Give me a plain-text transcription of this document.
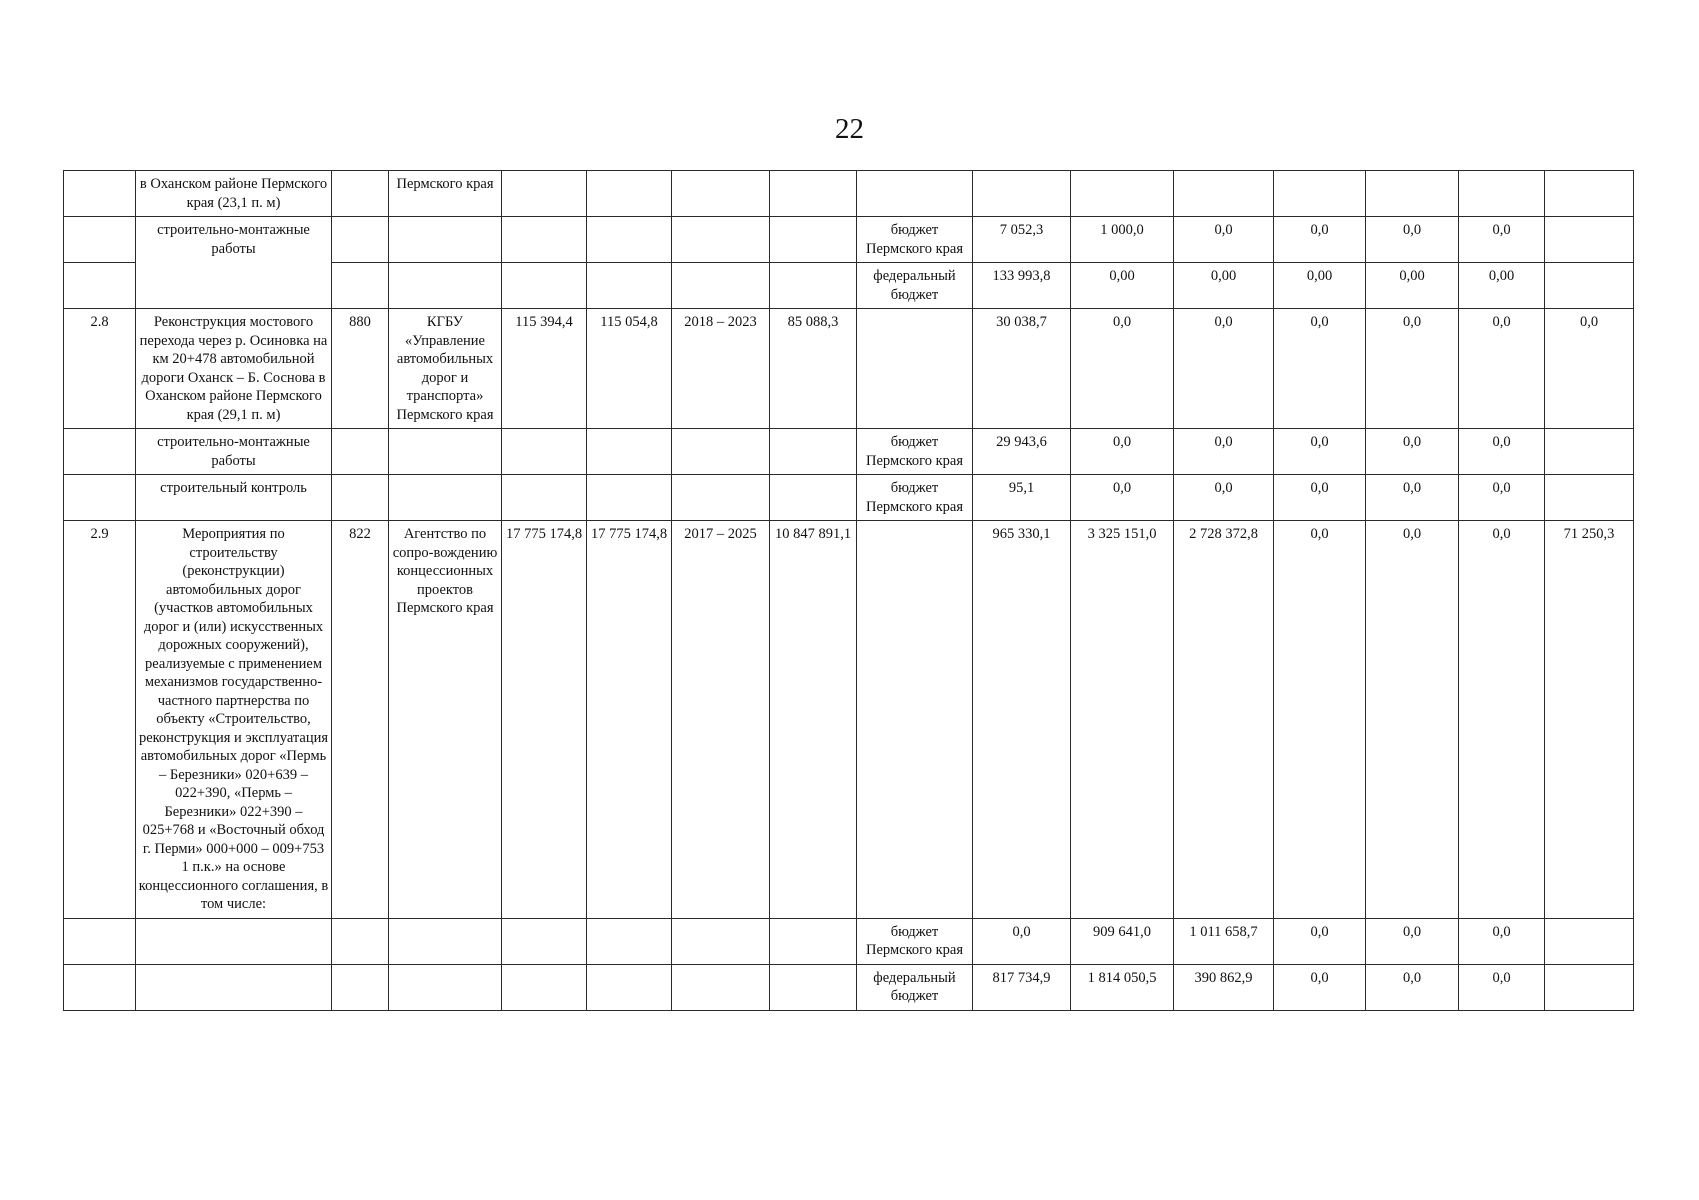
22
	в Оханском районе Пермского края (23,1 п. м)		Пермского края													
	строительно-монтажные работы							бюджет Пермского края	7 052,3	1 000,0	0,0	0,0	0,0	0,0		
								федеральный бюджет	133 993,8	0,00	0,00	0,00	0,00	0,00		
2.8	Реконструкция мостового перехода через р. Осиновка на км 20+478 автомобильной дороги Оханск – Б. Соснова в Оханском районе Пермского края (29,1 п. м)	880	КГБУ «Управление автомобильных дорог и транспорта» Пермского края	115 394,4	115 054,8	2018 – 2023	85 088,3		30 038,7	0,0	0,0	0,0	0,0	0,0	0,0	
	строительно-монтажные работы							бюджет Пермского края	29 943,6	0,0	0,0	0,0	0,0	0,0		
	строительный контроль							бюджет Пермского края	95,1	0,0	0,0	0,0	0,0	0,0		
2.9	Мероприятия по строительству (реконструкции) автомобильных дорог (участков автомобильных дорог и (или) искусственных дорожных сооружений), реализуемые с применением механизмов государственно-частного партнерства по объекту «Строительство, реконструкция и эксплуатация автомобильных дорог «Пермь – Березники» 020+639 – 022+390, «Пермь – Березники» 022+390 – 025+768 и «Восточный обход г. Перми» 000+000 – 009+753 1 п.к.» на основе концессионного соглашения, в том числе:	822	Агентство по сопро-вождению концессионных проектов Пермского края	17 775 174,8	17 775 174,8	2017 – 2025	10 847 891,1		965 330,1	3 325 151,0	2 728 372,8	0,0	0,0	0,0	71 250,3	
								бюджет Пермского края	0,0	909 641,0	1 011 658,7	0,0	0,0	0,0		
								федеральный бюджет	817 734,9	1 814 050,5	390 862,9	0,0	0,0	0,0		
